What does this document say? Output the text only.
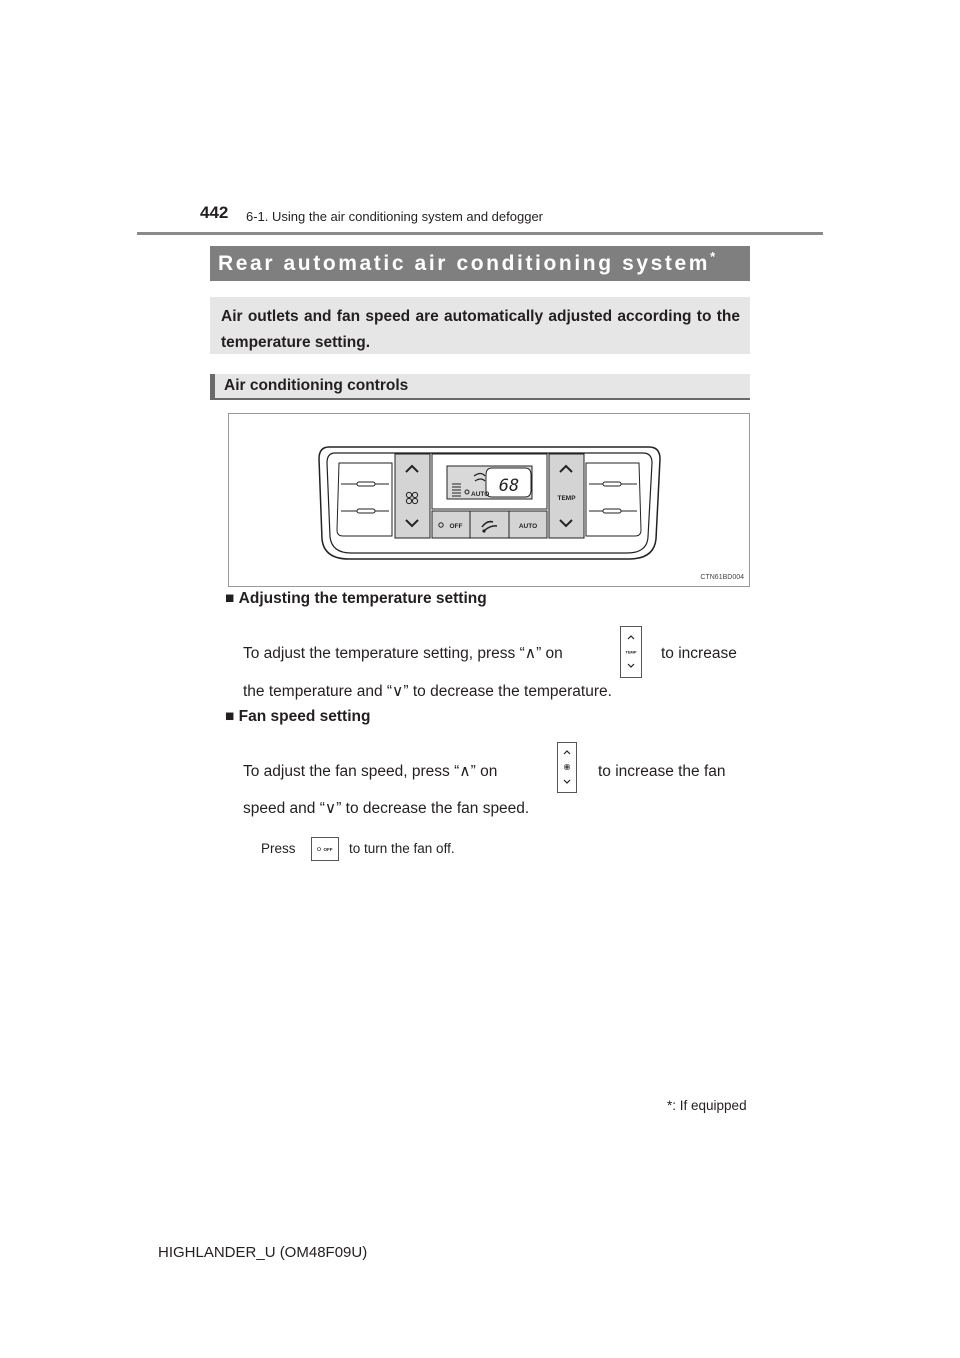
442 6-1. Using the air conditioning system and defogger
Rear automatic air conditioning system*
Air outlets and fan speed are automatically adjusted according to the temperature setting.
Air conditioning controls
TEMP
68
AUTO
OFF	AUTO
CTN61BD004
■ Adjusting the temperature setting
To adjust the temperature setting, press “∧” on	TEMP to increase
the temperature and “∨” to decrease the temperature.
■ Fan speed setting
To adjust the fan speed, press “∧” on	to increase the fan
speed and “∨” to decrease the fan speed.
Press	OFF to turn the fan off.
*: If equipped
HIGHLANDER_U (OM48F09U)
